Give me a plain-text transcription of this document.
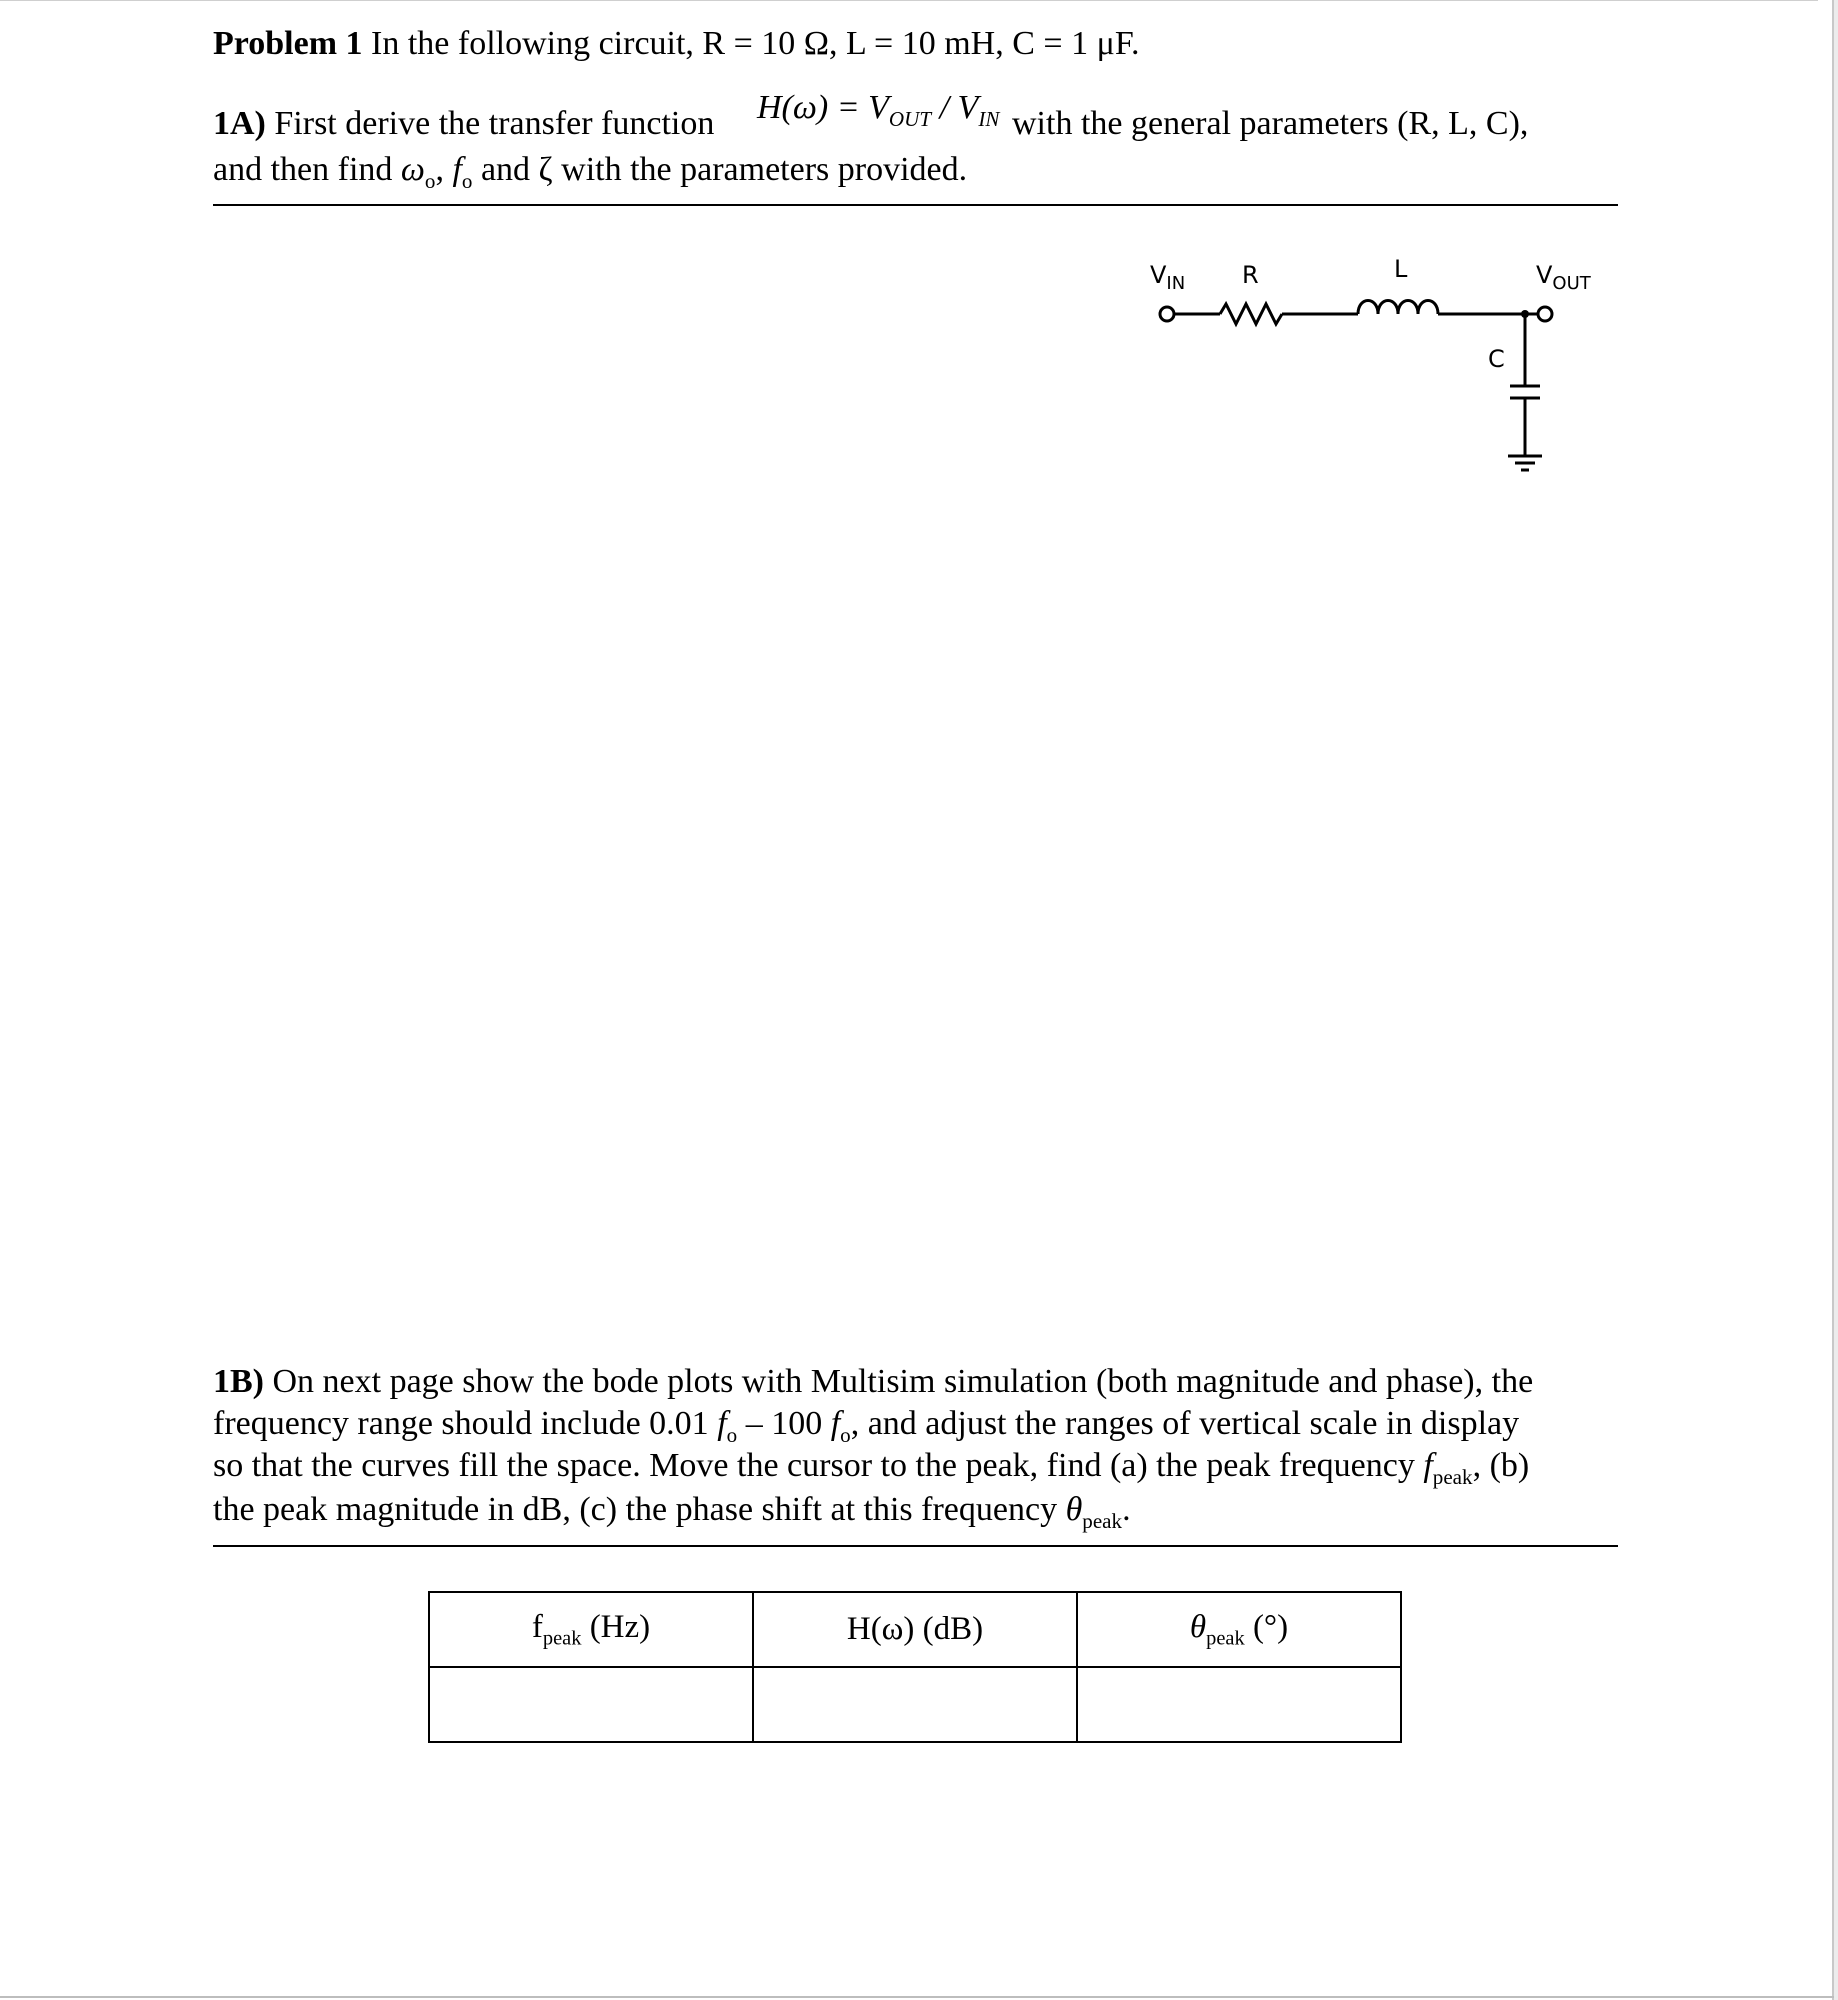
Problem 1 In the following circuit, R = 10 Ω, L = 10 mH, C = 1 μF.
1A) First derive the transfer function $H(\omega) = V_{OUT} / V_{IN}$ with the general parameters (R, L, C),
and then find $\omega_o$, $f_o$ and ζ with the parameters provided.
$V_{IN}$ R	L
C
$V_{OUT}$
1B) On next page show the bode plots with Multisim simulation (both magnitude and phase), the
frequency range should include 0.01 $f_o - 100$ $f_o$, and adjust the ranges of vertical scale in display
so that the curves fill the space. Move the cursor to the peak, find (a) the peak frequency $f_{peak}$, (b)
the peak magnitude in dB, (c) the phase shift at this frequency $\theta_{peak}$.
$f_{peak}$ (Hz)	H(ω) (dB)	$\theta_{peak}$ (°)
